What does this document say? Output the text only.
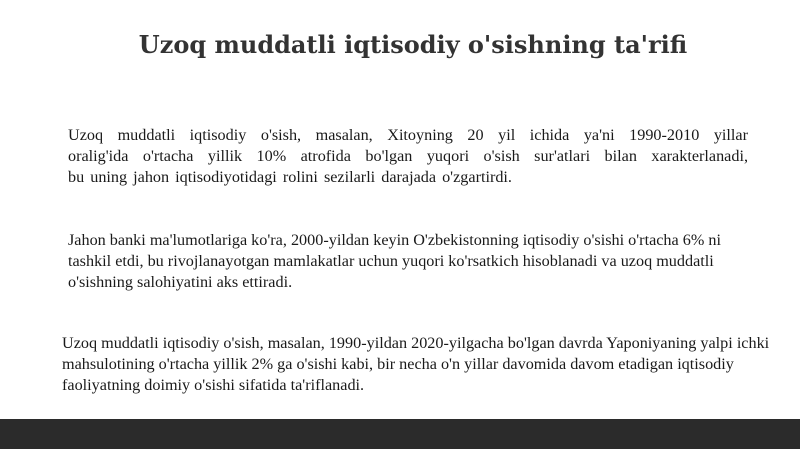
Uzoq muddatli iqtisodiy o'sishning ta'rifi
Uzoq muddatli iqtisodiy o'sish, masalan, Xitoyning 20 yil ichida ya'ni 1990-2010 yillar
oralig'ida o'rtacha yillik 10% atrofida bo'lgan yuqori o'sish sur'atlari bilan xarakterlanadi,
bu uning jahon iqtisodiyotidagi rolini sezilarli darajada o'zgartirdi.

Jahon banki ma'lumotlariga ko'ra, 2000-yildan keyin O'zbekistonning iqtisodiy o'sishi o'rtacha 6% ni tashkil etdi, bu rivojlanayotgan mamlakatlar uchun yuqori ko'rsatkich hisoblanadi va uzoq muddatli o'sishning salohiyatini aks ettiradi.

Uzoq muddatli iqtisodiy o'sish, masalan, 1990-yildan 2020-yilgacha bo'lgan davrda Yaponiyaning yalpi ichki mahsulotining o'rtacha yillik 2% ga o'sishi kabi, bir necha o'n yillar davomida davom etadigan iqtisodiy faoliyatning doimiy o'sishi sifatida ta'riflanadi.
